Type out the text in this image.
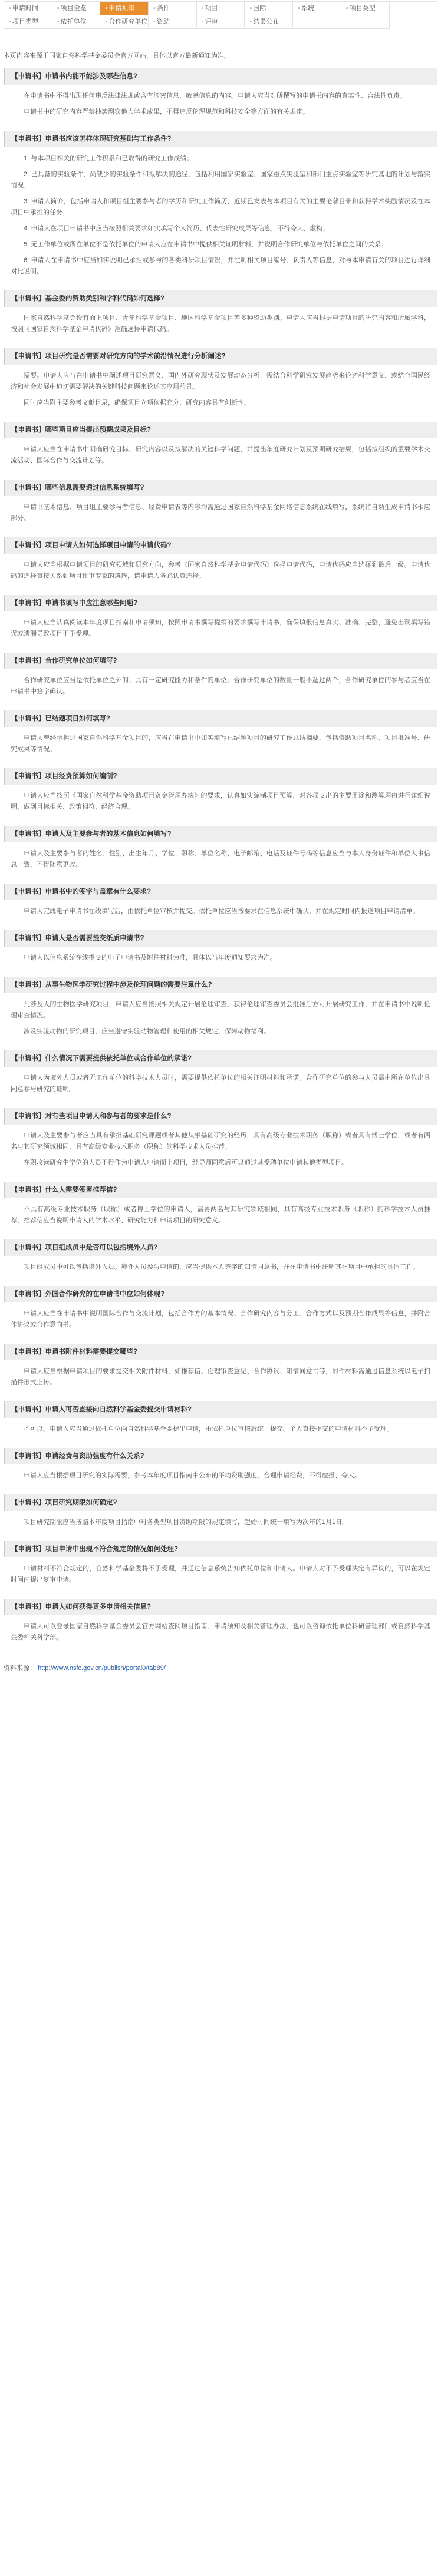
▪ 申请时间	▪ 项目全览	▪ 申请须知	▪ 条件	▪ 项目	▪ 国际	▪ 系统	▪ 项目类型
▪ 项目类型	▪ 依托单位	▪ 合作研究单位 ▪ 资助	▪ 评审	▪ 结果公布
本页内容来源于国家自然科学基金委员会官方网站，具体以官方最新通知为准。
【申请书】申请书内能不能涉及哪些信息?

在申请书中不得出现任何违反法律法规或含有涉密信息、敏感信息的内容。申请人应当对所撰写的申请书内容的真实性、合法性负责。

申请书中的研究内容严禁抄袭剽窃他人学术成果，不得违反伦理规范和科技安全等方面的有关规定。

【申请书】申请书应该怎样体现研究基础与工作条件?

1. 与本项目相关的研究工作积累和已取得的研究工作成绩；

2. 已具备的实验条件，尚缺少的实验条件和拟解决的途径，包括利用国家实验室、国家重点实验室和部门重点实验室等研究基地的计划与落实情况；

3. 申请人简介，包括申请人和项目组主要参与者的学历和研究工作简历，近期已发表与本项目有关的主要论著目录和获得学术奖励情况及在本项目中承担的任务；

4. 申请人在项目申请书中应当按照相关要求如实填写个人简历、代表性研究成果等信息，不得夸大、虚构；

5. 无工作单位或所在单位不是依托单位的申请人应在申请书中提供相关证明材料，并说明合作研究单位与依托单位之间的关系；

6. 申请人在申请书中应当如实说明已承担或参与的各类科研项目情况，并注明相关项目编号、负责人等信息，对与本申请有关的项目进行详细对比说明。

【申请书】基金委的资助类别和学科代码如何选择?

国家自然科学基金设有面上项目、青年科学基金项目、地区科学基金项目等多种资助类别。申请人应当根据申请项目的研究内容和所属学科，按照《国家自然科学基金申请代码》准确选择申请代码。

【申请书】项目研究是否需要对研究方向的学术前沿情况进行分析阐述?

需要。申请人应当在申请书中阐述项目研究意义、国内外研究现状及发展动态分析，需结合科学研究发展趋势来论述科学意义，或结合国民经济和社会发展中迫切需要解决的关键科技问题来论述其应用前景。

同时应当附主要参考文献目录，确保项目立项依据充分、研究内容具有创新性。

【申请书】哪些项目应当提出预期成果及目标?

申请人应当在申请书中明确研究目标、研究内容以及拟解决的关键科学问题，并提出年度研究计划及预期研究结果，包括拟组织的重要学术交流活动、国际合作与交流计划等。

【申请书】哪些信息需要通过信息系统填写?

申请书基本信息、项目组主要参与者信息、经费申请表等内容均需通过国家自然科学基金网络信息系统在线填写，系统将自动生成申请书相应部分。

【申请书】项目申请人如何选择项目申请的申请代码?

申请人应当根据申请项目的研究领域和研究方向，参考《国家自然科学基金申请代码》选择申请代码，申请代码应当选择到最后一级。申请代码的选择直接关系到项目评审专家的遴选，请申请人务必认真选择。

【申请书】申请书填写中应注意哪些问题?

申请人应当认真阅读本年度项目指南和申请须知，按照申请书撰写提纲的要求撰写申请书，确保填报信息真实、准确、完整，避免出现填写错误或遗漏导致项目不予受理。

【申请书】合作研究单位如何填写?

合作研究单位应当是依托单位之外的、具有一定研究能力和条件的单位。合作研究单位的数量一般不超过两个，合作研究单位的参与者应当在申请书中签字确认。

【申请书】已结题项目如何填写?

申请人曾经承担过国家自然科学基金项目的，应当在申请书中如实填写已结题项目的研究工作总结摘要，包括资助项目名称、项目批准号、研究成果等情况。

【申请书】项目经费预算如何编制?

申请人应当按照《国家自然科学基金资助项目资金管理办法》的要求，认真如实编制项目预算，对各项支出的主要用途和测算理由进行详细说明，做到目标相关、政策相符、经济合理。

【申请书】申请人及主要参与者的基本信息如何填写?

申请人及主要参与者的姓名、性别、出生年月、学位、职称、单位名称、电子邮箱、电话及证件号码等信息应当与本人身份证件和单位人事信息一致，不得随意更改。

【申请书】申请书中的签字与盖章有什么要求?

申请人完成电子申请书在线填写后，由依托单位审核并提交。依托单位应当按要求在信息系统中确认，并在规定时间内报送项目申请清单。

【申请书】申请人是否需要提交纸质申请书?

申请人以信息系统在线提交的电子申请书及附件材料为准，具体以当年度通知要求为准。

【申请书】从事生物医学研究过程中涉及伦理问题的需要注意什么?

凡涉及人的生物医学研究项目，申请人应当按照相关规定开展伦理审查，获得伦理审查委员会批准后方可开展研究工作，并在申请书中说明伦理审查情况。

涉及实验动物的研究项目，应当遵守实验动物管理和使用的相关规定，保障动物福利。

【申请书】什么情况下需要提供依托单位或合作单位的承诺?

申请人为境外人员或者无工作单位的科学技术人员时，需要提供依托单位的相关证明材料和承诺。合作研究单位的参与人员需由所在单位出具同意参与研究的证明。

【申请书】对有些项目申请人和参与者的要求是什么?

申请人及主要参与者应当具有承担基础研究课题或者其他从事基础研究的经历，具有高级专业技术职务（职称）或者具有博士学位，或者有两名与其研究领域相同、具有高级专业技术职务（职称）的科学技术人员推荐。

在职攻读研究生学位的人员不得作为申请人申请面上项目，经导师同意后可以通过其受聘单位申请其他类型项目。

【申请书】什么人需要签署推荐信?

不具有高级专业技术职务（职称）或者博士学位的申请人，需要两名与其研究领域相同、具有高级专业技术职务（职称）的科学技术人员推荐，推荐信应当说明申请人的学术水平、研究能力和申请项目的研究意义。

【申请书】项目组成员中是否可以包括境外人员?

项目组成员中可以包括境外人员。境外人员参与申请的，应当提供本人签字的知情同意书，并在申请书中注明其在项目中承担的具体工作。

【申请书】外国合作研究的在申请书中应如何体现?

申请人应当在申请书中说明国际合作与交流计划，包括合作方的基本情况、合作研究内容与分工、合作方式以及预期合作成果等信息，并附合作协议或合作意向书。

【申请书】申请书附件材料需要提交哪些?

申请人应当根据申请项目的要求提交相关附件材料，如推荐信、伦理审查意见、合作协议、知情同意书等，附件材料需通过信息系统以电子扫描件形式上传。

【申请书】申请人可否直接向自然科学基金委提交申请材料?

不可以。申请人应当通过依托单位向自然科学基金委提出申请，由依托单位审核后统一提交。个人直接提交的申请材料不予受理。

【申请书】申请经费与资助强度有什么关系?

申请人应当根据项目研究的实际需要，参考本年度项目指南中公布的平均资助强度，合理申请经费，不得虚报、夸大。

【申请书】项目研究期限如何确定?

项目研究期限应当按照本年度项目指南中对各类型项目资助期限的规定填写，起始时间统一填写为次年的1月1日。

【申请书】项目申请中出现不符合规定的情况如何处理?

申请材料不符合规定的，自然科学基金委将不予受理，并通过信息系统告知依托单位和申请人。申请人对不予受理决定有异议的，可以在规定时间内提出复审申请。

【申请书】申请人如何获得更多申请相关信息?

申请人可以登录国家自然科学基金委员会官方网站查阅项目指南、申请须知及相关管理办法，也可以咨询依托单位科研管理部门或自然科学基金委相关科学部。

资料来源： http://www.nsfc.gov.cn/publish/portal0/tab89/
